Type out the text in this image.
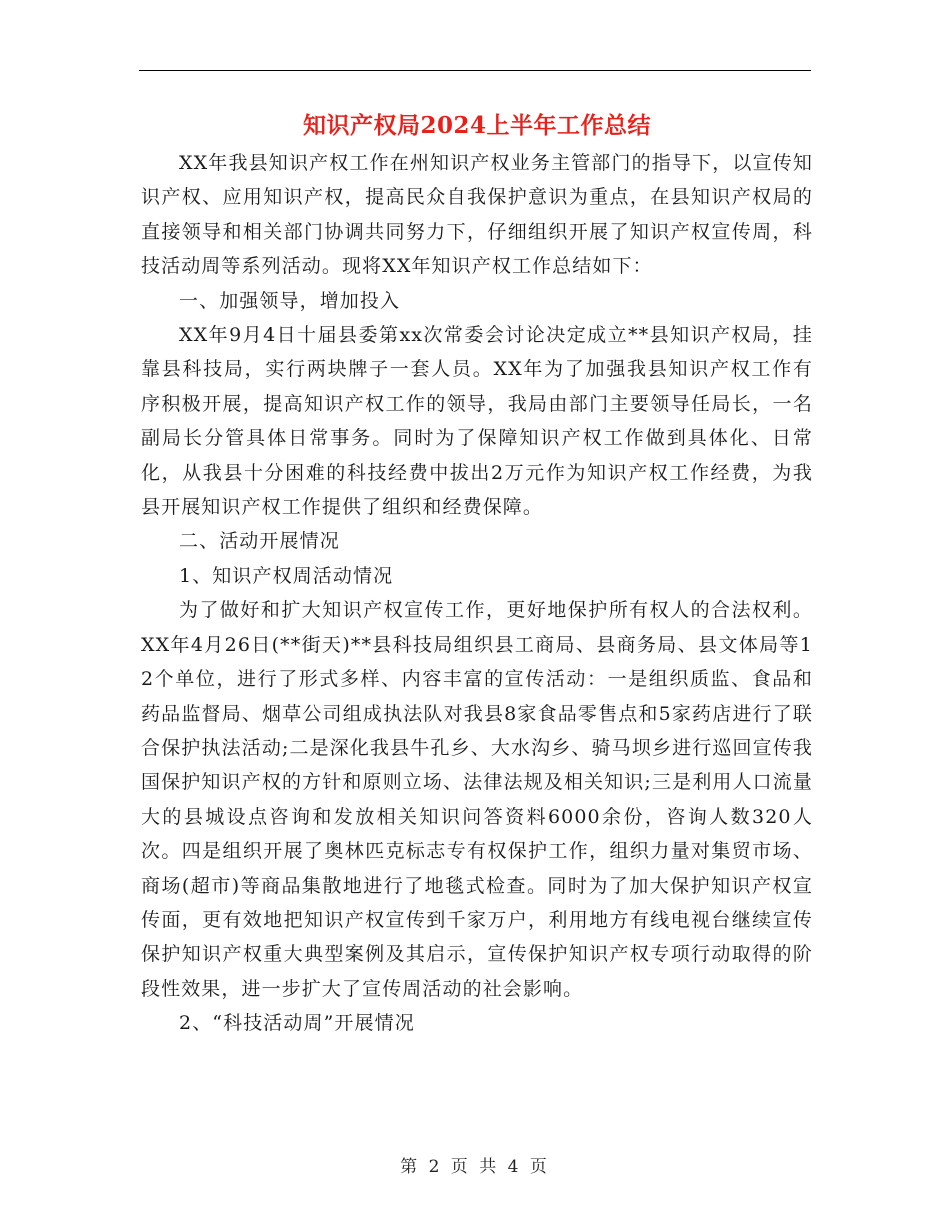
知识产权局2024上半年工作总结

XX年我县知识产权工作在州知识产权业务主管部门的指导下，以宣传知识产权、应用知识产权，提高民众自我保护意识为重点，在县知识产权局的直接领导和相关部门协调共同努力下，仔细组织开展了知识产权宣传周，科技活动周等系列活动。现将XX年知识产权工作总结如下：

一、加强领导，增加投入

XX年9月4日十届县委第xx次常委会讨论决定成立**县知识产权局，挂靠县科技局，实行两块牌子一套人员。XX年为了加强我县知识产权工作有序积极开展，提高知识产权工作的领导，我局由部门主要领导任局长，一名副局长分管具体日常事务。同时为了保障知识产权工作做到具体化、日常化，从我县十分困难的科技经费中拔出2万元作为知识产权工作经费，为我县开展知识产权工作提供了组织和经费保障。

二、活动开展情况

1、知识产权周活动情况

为了做好和扩大知识产权宣传工作，更好地保护所有权人的合法权利。XX年4月26日(**街天)**县科技局组织县工商局、县商务局、县文体局等12个单位，进行了形式多样、内容丰富的宣传活动：一是组织质监、食品和药品监督局、烟草公司组成执法队对我县8家食品零售点和5家药店进行了联合保护执法活动;二是深化我县牛孔乡、大水沟乡、骑马坝乡进行巡回宣传我国保护知识产权的方针和原则立场、法律法规及相关知识;三是利用人口流量大的县城设点咨询和发放相关知识问答资料6000余份，咨询人数320人次。四是组织开展了奥林匹克标志专有权保护工作，组织力量对集贸市场、商场(超市)等商品集散地进行了地毯式检查。同时为了加大保护知识产权宣传面，更有效地把知识产权宣传到千家万户，利用地方有线电视台继续宣传保护知识产权重大典型案例及其启示，宣传保护知识产权专项行动取得的阶段性效果，进一步扩大了宣传周活动的社会影响。

2、“科技活动周”开展情况

第 2 页 共 4 页
